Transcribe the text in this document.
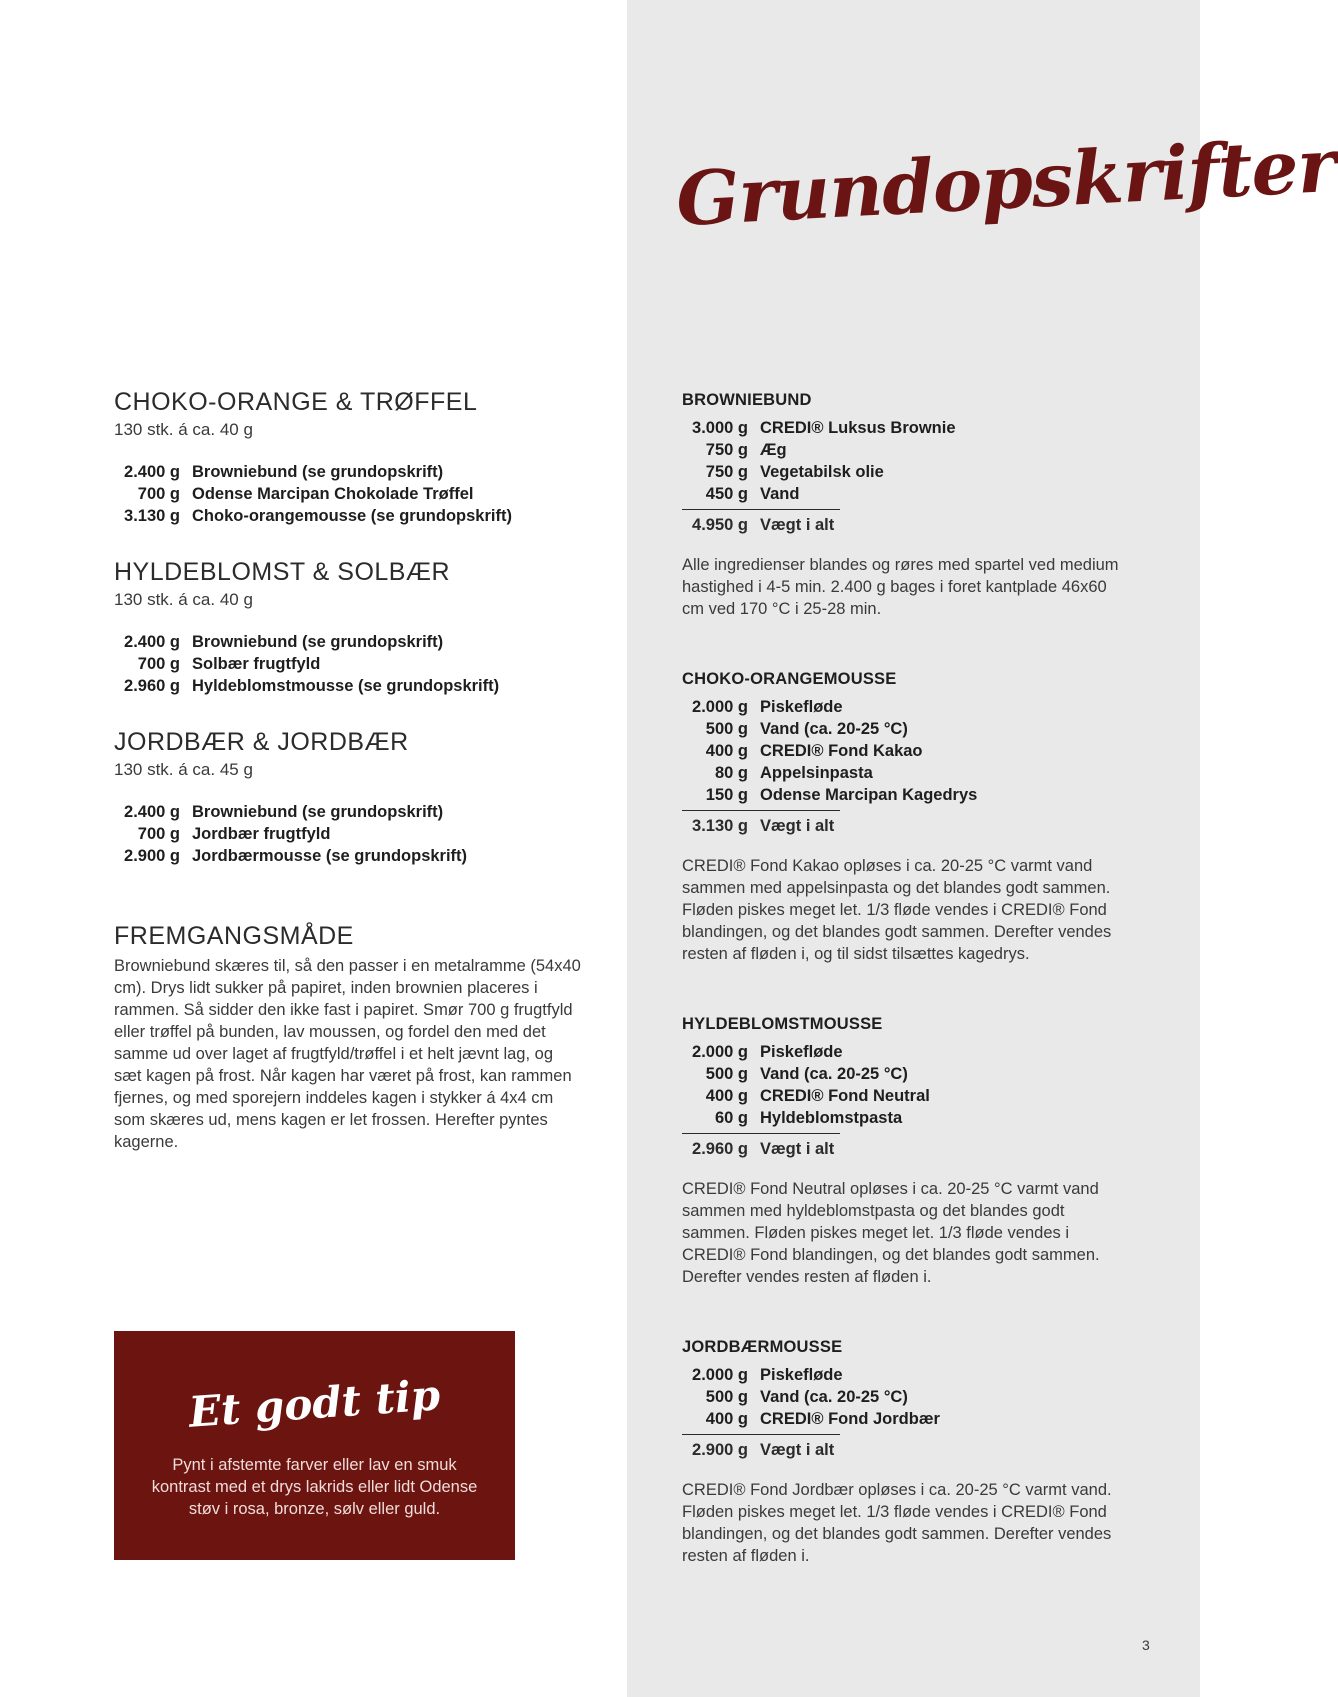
Grundopskrifter
CHOKO-ORANGE & TRØFFEL

130 stk. á ca. 40 g

2.400 g Browniebund (se grundopskrift)
700 g Odense Marcipan Chokolade Trøffel
3.130 g Choko-orangemousse (se grundopskrift)
HYLDEBLOMST & SOLBÆR

130 stk. á ca. 40 g

2.400 g Browniebund (se grundopskrift)
700 g Solbær frugtfyld
2.960 g Hyldeblomstmousse (se grundopskrift)
JORDBÆR & JORDBÆR

130 stk. á ca. 45 g

2.400 g Browniebund (se grundopskrift)
700 g Jordbær frugtfyld
2.900 g Jordbærmousse (se grundopskrift)
FREMGANGSMÅDE

Browniebund skæres til, så den passer i en metalramme (54x40 cm). Drys lidt sukker på papiret, inden brownien placeres i rammen. Så sidder den ikke fast i papiret. Smør 700 g frugtfyld eller trøffel på bunden, lav moussen, og fordel den med det samme ud over laget af frugtfyld/trøffel i et helt jævnt lag, og sæt kagen på frost. Når kagen har været på frost, kan rammen fjernes, og med sporejern inddeles kagen i stykker á 4x4 cm som skæres ud, mens kagen er let frossen. Herefter pyntes kagerne.

BROWNIEBUND
3.000 g CREDI® Luksus Brownie
750 g Æg
750 g Vegetabilsk olie
450 g Vand
4.950 g Vægt i alt

Alle ingredienser blandes og røres med spartel ved medium hastighed i 4-5 min. 2.400 g bages i foret kantplade 46x60 cm ved 170 °C i 25-28 min.

CHOKO-ORANGEMOUSSE
2.000 g Piskefløde
500 g Vand (ca. 20-25 °C)
400 g CREDI® Fond Kakao
80 g Appelsinpasta
150 g Odense Marcipan Kagedrys
3.130 g Vægt i alt

CREDI® Fond Kakao opløses i ca. 20-25 °C varmt vand sammen med appelsinpasta og det blandes godt sammen. Fløden piskes meget let. 1/3 fløde vendes i CREDI® Fond blandingen, og det blandes godt sammen. Derefter vendes resten af fløden i, og til sidst tilsættes kagedrys.

HYLDEBLOMSTMOUSSE
2.000 g Piskefløde
500 g Vand (ca. 20-25 °C)
400 g CREDI® Fond Neutral
60 g Hyldeblomstpasta
2.960 g Vægt i alt

CREDI® Fond Neutral opløses i ca. 20-25 °C varmt vand sammen med hyldeblomstpasta og det blandes godt sammen. Fløden piskes meget let. 1/3 fløde vendes i CREDI® Fond blandingen, og det blandes godt sammen. Derefter vendes resten af fløden i.

JORDBÆRMOUSSE
2.000 g Piskefløde
500 g Vand (ca. 20-25 °C)
400 g CREDI® Fond Jordbær
2.900 g Vægt i alt

CREDI® Fond Jordbær opløses i ca. 20-25 °C varmt vand. Fløden piskes meget let. 1/3 fløde vendes i CREDI® Fond blandingen, og det blandes godt sammen. Derefter vendes resten af fløden i.

Et godt tip

Pynt i afstemte farver eller lav en smuk kontrast med et drys lakrids eller lidt Odense støv i rosa, bronze, sølv eller guld.

3
